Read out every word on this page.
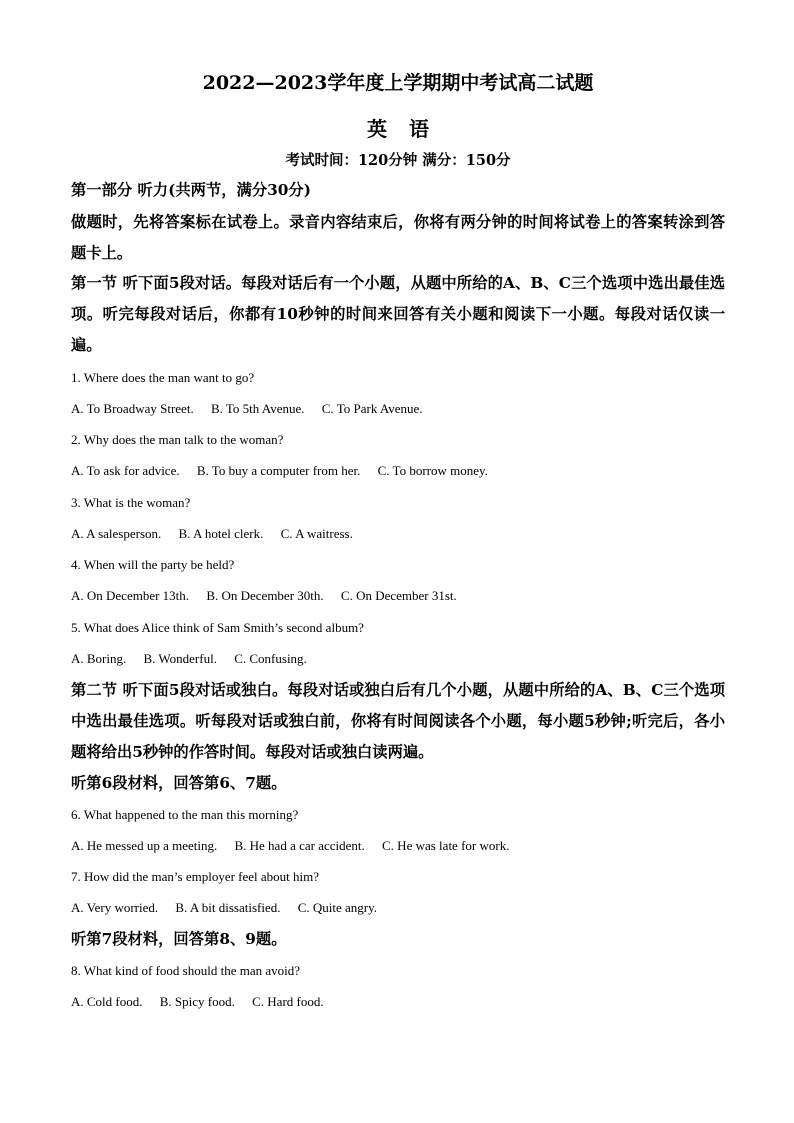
2022—2023学年度上学期期中考试高二试题
英语
考试时间：120分钟 满分：150分
第一部分 听力(共两节，满分30分)
做题时，先将答案标在试卷上。录音内容结束后，你将有两分钟的时间将试卷上的答案转涂到答题卡上。
第一节 听下面5段对话。每段对话后有一个小题，从题中所给的A、B、C三个选项中选出最佳选项。听完每段对话后，你都有10秒钟的时间来回答有关小题和阅读下一小题。每段对话仅读一遍。
1. Where does the man want to go?
A. To Broadway Street. B. To 5th Avenue. C. To Park Avenue.
2. Why does the man talk to the woman?
A. To ask for advice. B. To buy a computer from her. C. To borrow money.
3. What is the woman?
A. A salesperson. B. A hotel clerk. C. A waitress.
4. When will the party be held?
A. On December 13th. B. On December 30th. C. On December 31st.
5. What does Alice think of Sam Smith’s second album?
A. Boring. B. Wonderful. C. Confusing.
第二节 听下面5段对话或独白。每段对话或独白后有几个小题，从题中所给的A、B、C三个选项中选出最佳选项。听每段对话或独白前，你将有时间阅读各个小题，每小题5秒钟;听完后，各小题将给出5秒钟的作答时间。每段对话或独白读两遍。
听第6段材料，回答第6、7题。
6. What happened to the man this morning?
A. He messed up a meeting. B. He had a car accident. C. He was late for work.
7. How did the man’s employer feel about him?
A. Very worried. B. A bit dissatisfied. C. Quite angry.
听第7段材料，回答第8、9题。
8. What kind of food should the man avoid?
A. Cold food. B. Spicy food. C. Hard food.
